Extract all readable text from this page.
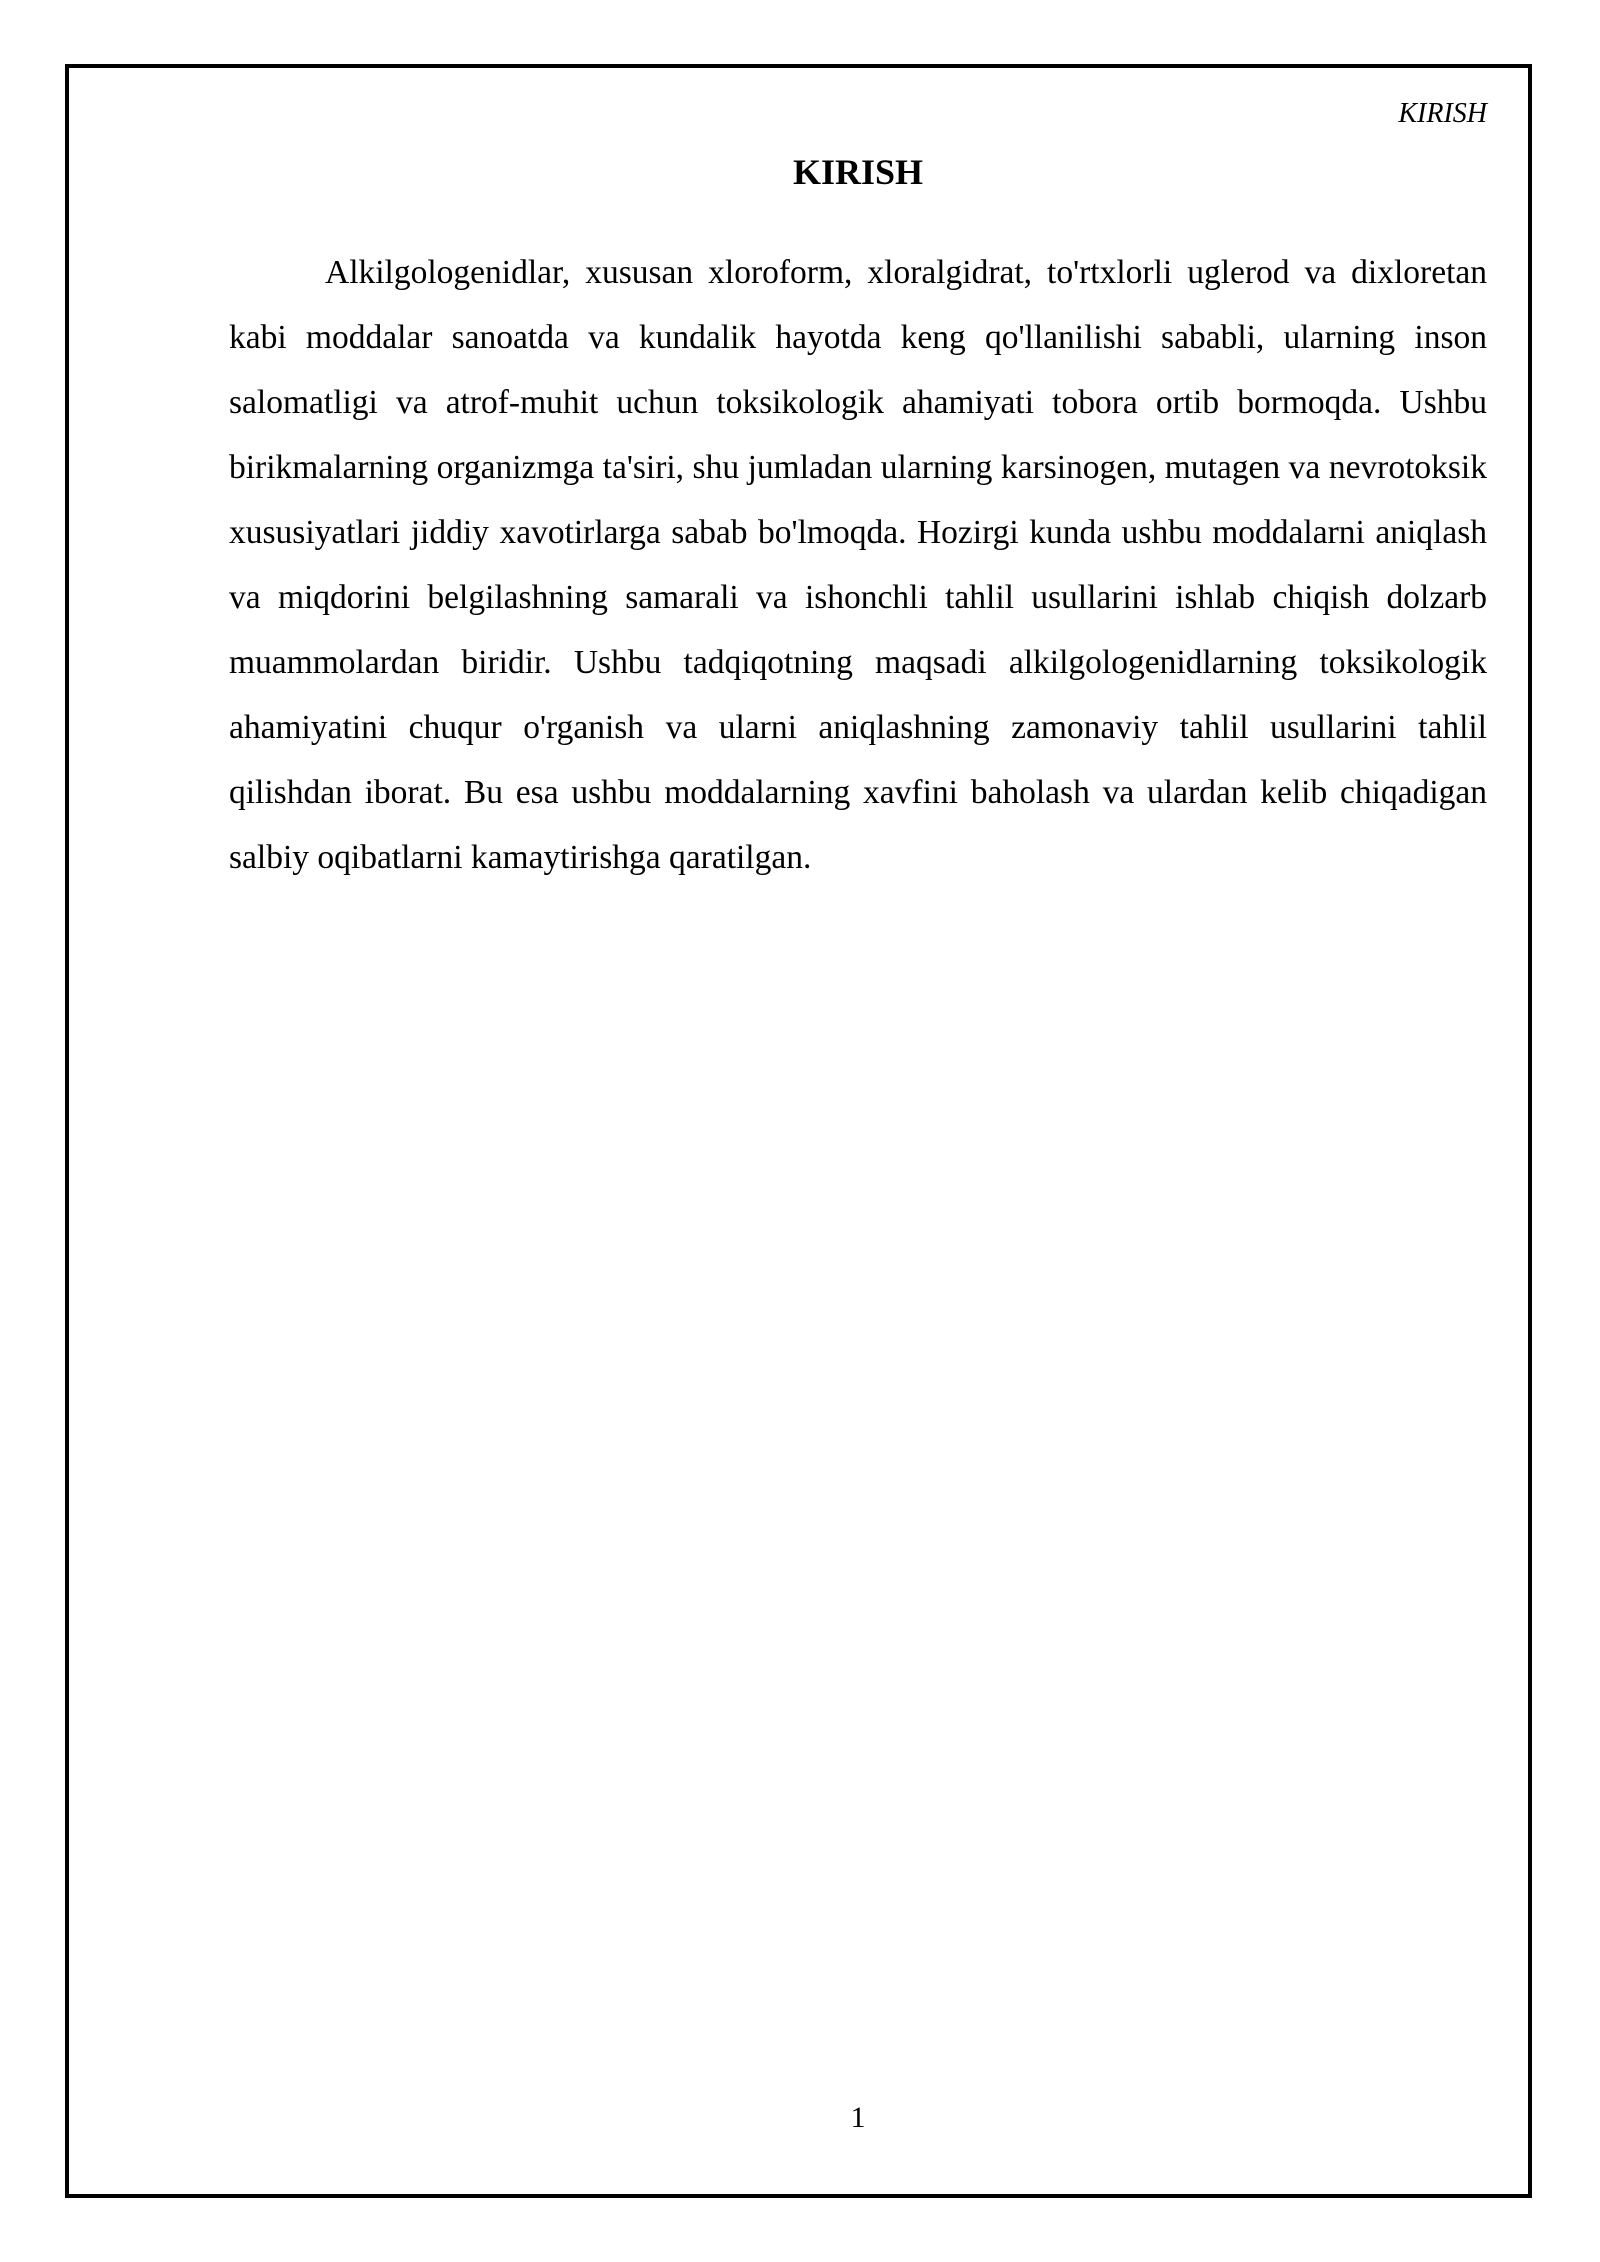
KIRISH
KIRISH

Alkilgologenidlar, xususan xloroform, xloralgidrat, to'rtxlorli uglerod va dixloretan kabi moddalar sanoatda va kundalik hayotda keng qo'llanilishi sababli, ularning inson salomatligi va atrof-muhit uchun toksikologik ahamiyati tobora ortib bormoqda. Ushbu birikmalarning organizmga ta'siri, shu jumladan ularning karsinogen, mutagen va nevrotoksik xususiyatlari jiddiy xavotirlarga sabab bo'lmoqda. Hozirgi kunda ushbu moddalarni aniqlash va miqdorini belgilashning samarali va ishonchli tahlil usullarini ishlab chiqish dolzarb muammolardan biridir. Ushbu tadqiqotning maqsadi alkilgologenidlarning toksikologik ahamiyatini chuqur o'rganish va ularni aniqlashning zamonaviy tahlil usullarini tahlil qilishdan iborat. Bu esa ushbu moddalarning xavfini baholash va ulardan kelib chiqadigan salbiy oqibatlarni kamaytirishga qaratilgan.

1
